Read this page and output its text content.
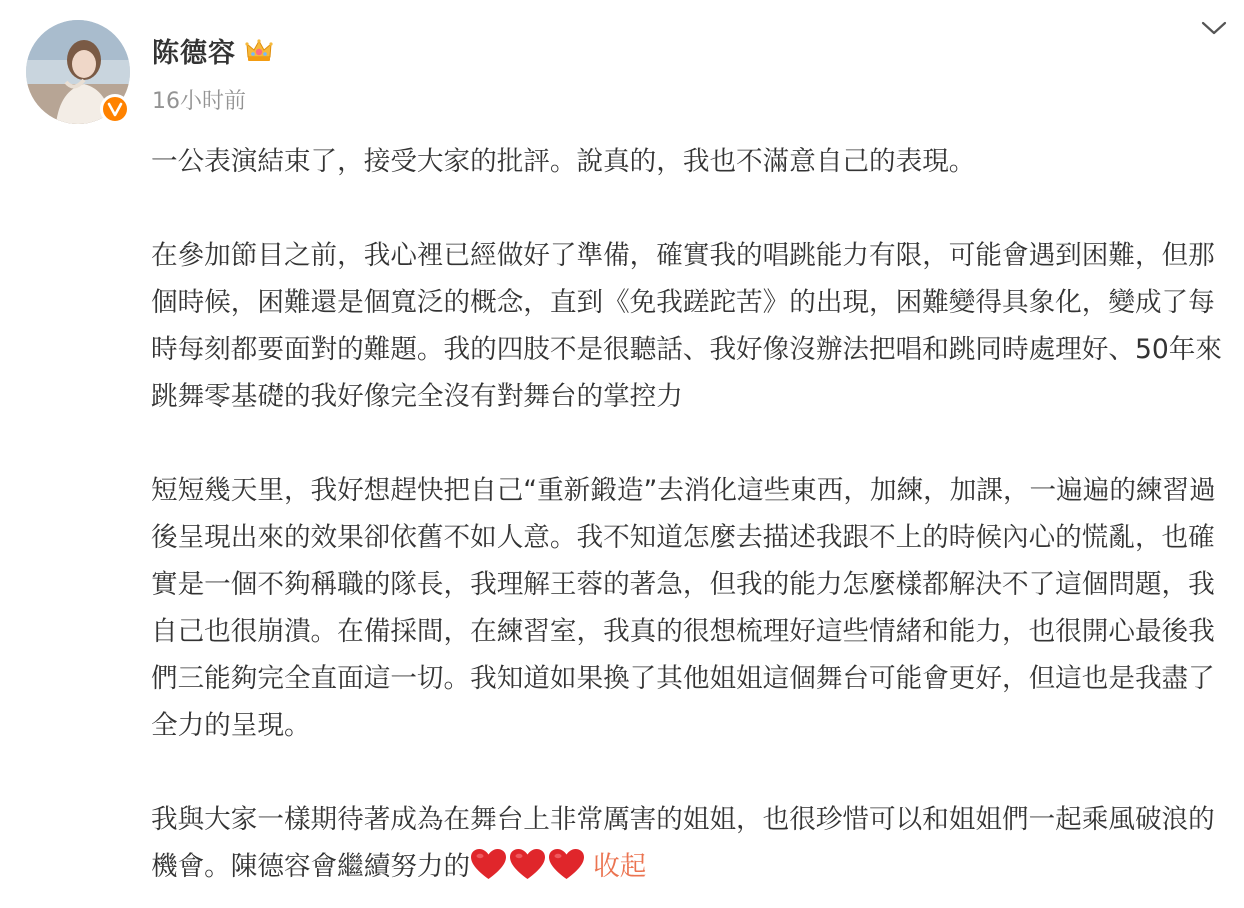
陈德容
16小时前

一公表演結束了，接受大家的批評。說真的，我也不滿意自己的表現。

在參加節目之前，我心裡已經做好了準備，確實我的唱跳能力有限，可能會遇到困難，但那個時候，困難還是個寬泛的概念，直到《免我蹉跎苦》的出現，困難變得具象化，變成了每時每刻都要面對的難題。我的四肢不是很聽話、我好像沒辦法把唱和跳同時處理好、50年來跳舞零基礎的我好像完全沒有對舞台的掌控力

短短幾天里，我好想趕快把自己“重新鍛造”去消化這些東西，加練，加課，一遍遍的練習過後呈現出來的效果卻依舊不如人意。我不知道怎麼去描述我跟不上的時候內心的慌亂，也確實是一個不夠稱職的隊長，我理解王蓉的著急，但我的能力怎麼樣都解決不了這個問題，我自己也很崩潰。在備採間，在練習室，我真的很想梳理好這些情緒和能力，也很開心最後我們三能夠完全直面這一切。我知道如果換了其他姐姐這個舞台可能會更好，但這也是我盡了全力的呈現。

我與大家一樣期待著成為在舞台上非常厲害的姐姐，也很珍惜可以和姐姐們一起乘風破浪的機會。陳德容會繼續努力的	收起
